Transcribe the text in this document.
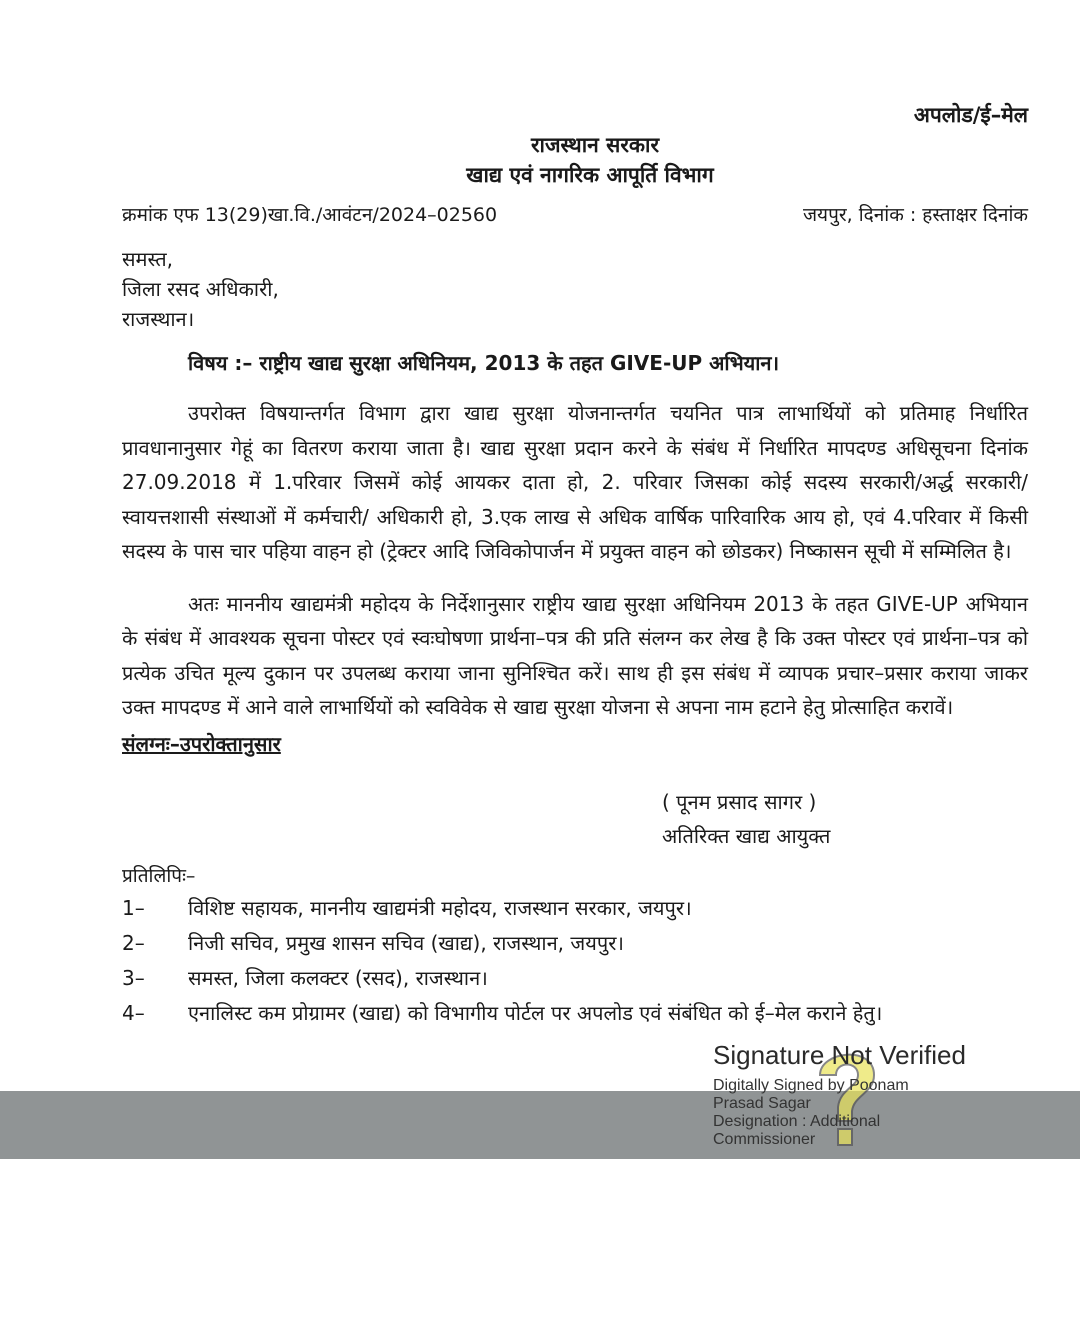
अपलोड/ई–मेल
राजस्थान सरकार
खाद्य एवं नागरिक आपूर्ति विभाग
क्रमांक एफ 13(29)खा.वि./आवंटन/2024–02560	जयपुर, दिनांक : हस्ताक्षर दिनांक
समस्त,
जिला रसद अधिकारी,
राजस्थान।
विषय :– राष्ट्रीय खाद्य सुरक्षा अधिनियम, 2013 के तहत GIVE-UP अभियान।
उपरोक्त विषयान्तर्गत विभाग द्वारा खाद्य सुरक्षा योजनान्तर्गत चयनित पात्र लाभार्थियों को प्रतिमाह निर्धारित प्रावधानानुसार गेहूं का वितरण कराया जाता है। खाद्य सुरक्षा प्रदान करने के संबंध में निर्धारित मापदण्ड अधिसूचना दिनांक 27.09.2018 में 1.परिवार जिसमें कोई आयकर दाता हो, 2. परिवार जिसका कोई सदस्य सरकारी/अर्द्ध सरकारी/स्वायत्तशासी संस्थाओं में कर्मचारी/ अधिकारी हो, 3.एक लाख से अधिक वार्षिक पारिवारिक आय हो, एवं 4.परिवार में किसी सदस्य के पास चार पहिया वाहन हो (ट्रेक्टर आदि जिविकोपार्जन में प्रयुक्त वाहन को छोडकर) निष्कासन सूची में सम्मिलित है।
अतः माननीय खाद्यमंत्री महोदय के निर्देशानुसार राष्ट्रीय खाद्य सुरक्षा अधिनियम 2013 के तहत GIVE-UP अभियान के संबंध में आवश्यक सूचना पोस्टर एवं स्वःघोषणा प्रार्थना–पत्र की प्रति संलग्न कर लेख है कि उक्त पोस्टर एवं प्रार्थना–पत्र को प्रत्येक उचित मूल्य दुकान पर उपलब्ध कराया जाना सुनिश्चित करें। साथ ही इस संबंध में व्यापक प्रचार–प्रसार कराया जाकर उक्त मापदण्ड में आने वाले लाभार्थियों को स्वविवेक से खाद्य सुरक्षा योजना से अपना नाम हटाने हेतु प्रोत्साहित करावें।
संलग्नः–उपरोक्तानुसार
( पूनम प्रसाद सागर )
अतिरिक्त खाद्य आयुक्त
प्रतिलिपिः–
1–	विशिष्ट सहायक, माननीय खाद्यमंत्री महोदय, राजस्थान सरकार, जयपुर।
2–	निजी सचिव, प्रमुख शासन सचिव (खाद्य), राजस्थान, जयपुर।
3–	समस्त, जिला कलक्टर (रसद), राजस्थान।
4–	एनालिस्ट कम प्रोग्रामर (खाद्य) को विभागीय पोर्टल पर अपलोड एवं संबंधित को ई–मेल कराने हेतु।
Signature Not Verified
Digitally Signed by Poonam
Prasad Sagar
Designation : Additional
Commissioner
